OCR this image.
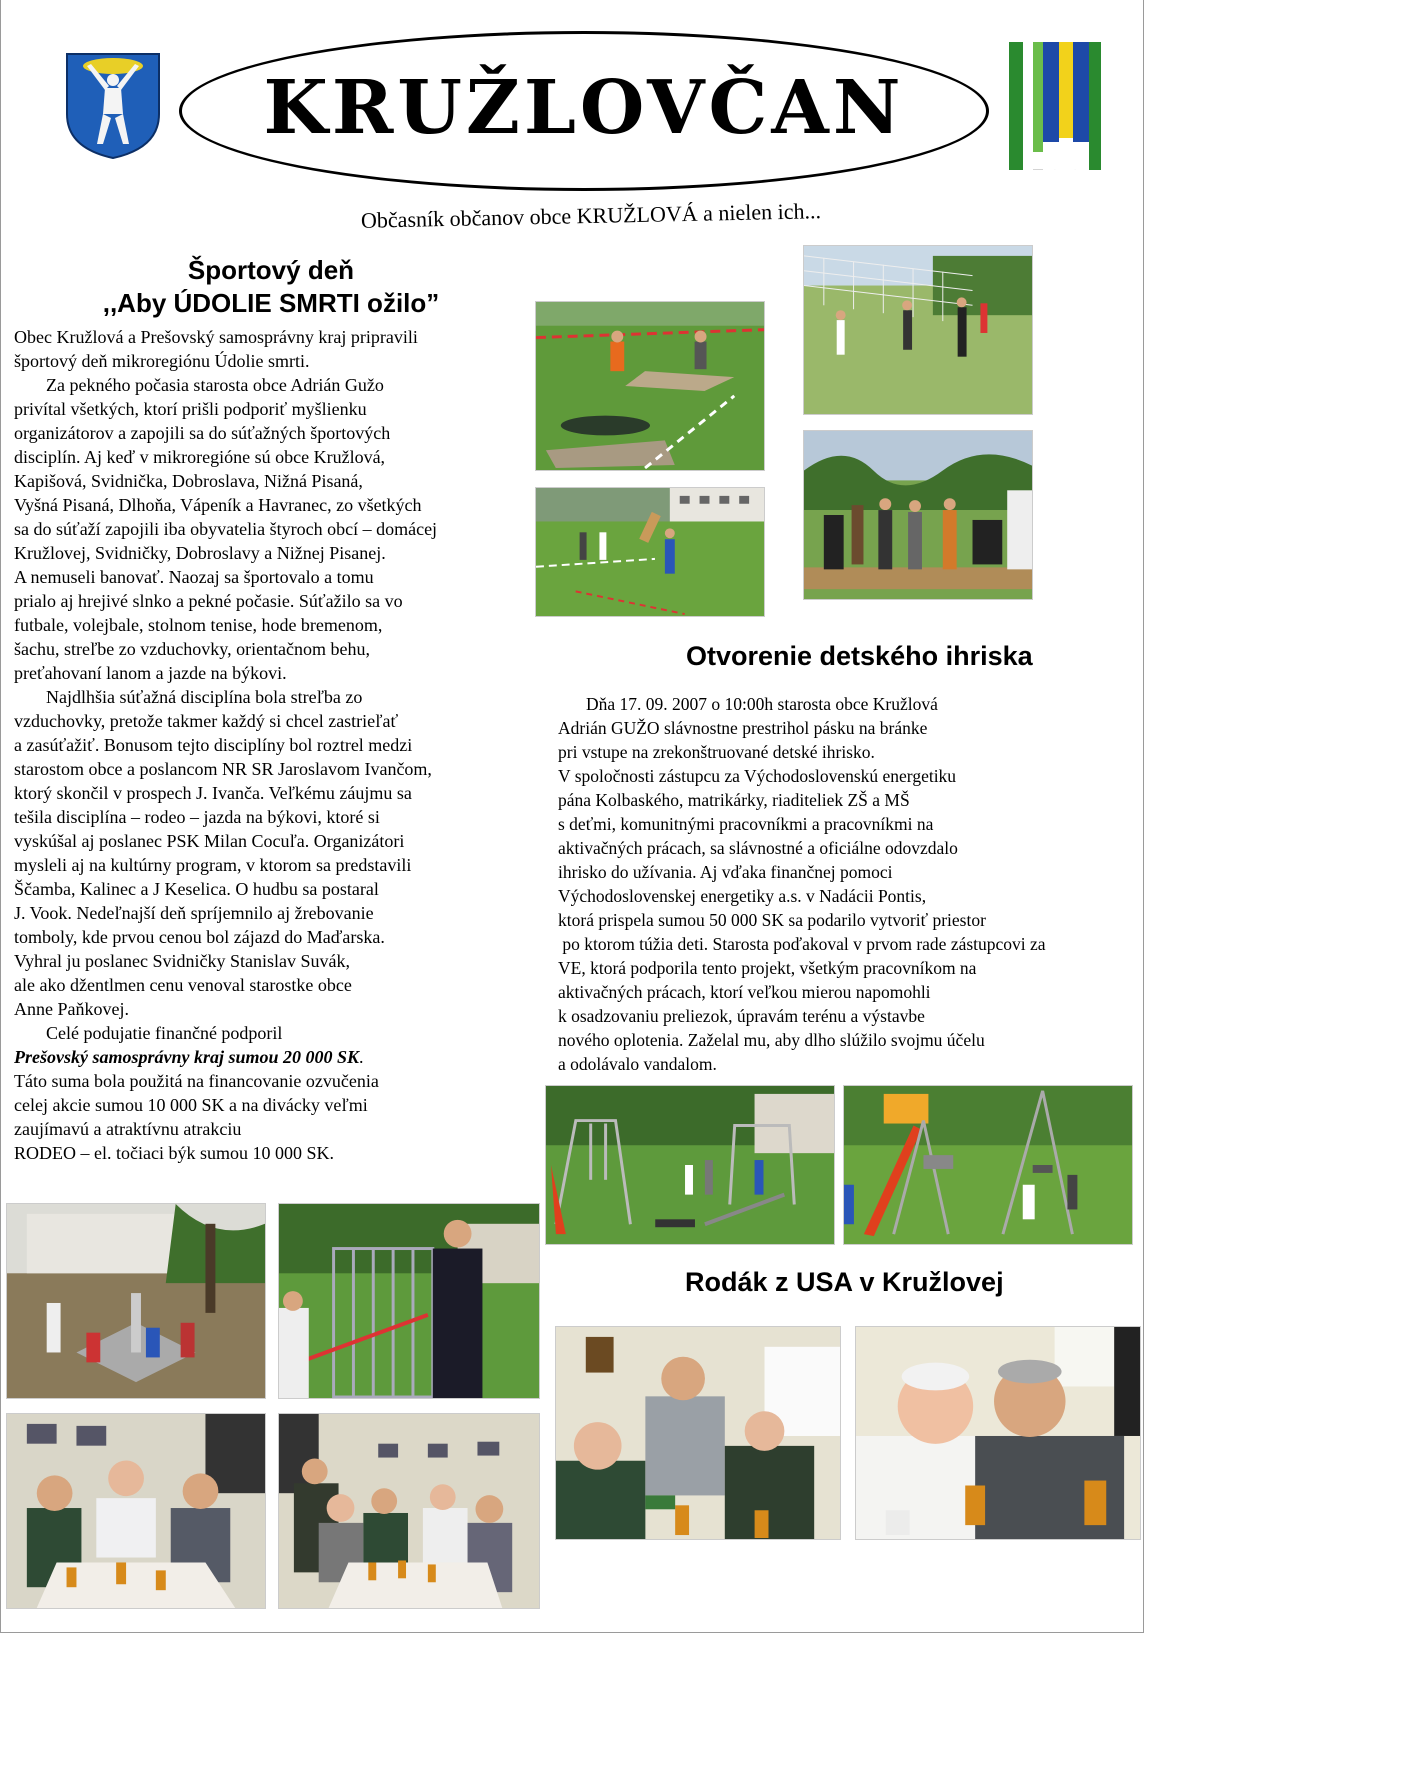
KRUŽLOVČAN
Občasník občanov obce KRUŽLOVÁ a nielen ich...
Športový deň
,,Aby ÚDOLIE SMRTI ožilo”

Obec Kružlová a Prešovský samosprávny kraj pripravili

športový deň mikroregiónu Údolie smrti.

Za pekného počasia starosta obce Adrián Gužo

privítal všetkých, ktorí prišli podporiť myšlienku

organizátorov a zapojili sa do súťažných športových

disciplín. Aj keď v mikroregióne sú obce Kružlová,

Kapišová, Svidnička, Dobroslava, Nižná Pisaná,

Vyšná Pisaná, Dlhoňa, Vápeník a Havranec, zo všetkých

sa do súťaží zapojili iba obyvatelia štyroch obcí – domácej

Kružlovej, Svidničky, Dobroslavy a Nižnej Pisanej.

A nemuseli banovať. Naozaj sa športovalo a tomu

prialo aj hrejivé slnko a pekné počasie. Súťažilo sa vo

futbale, volejbale, stolnom tenise, hode bremenom,

šachu, streľbe zo vzduchovky, orientačnom behu,

preťahovaní lanom a jazde na býkovi.

Najdlhšia súťažná disciplína bola streľba zo

vzduchovky, pretože takmer každý si chcel zastrieľať

a zasúťažiť. Bonusom tejto disciplíny bol roztrel medzi

starostom obce a poslancom NR SR Jaroslavom Ivančom,

ktorý skončil v prospech J. Ivanča. Veľkému záujmu sa

tešila disciplína – rodeo – jazda na býkovi, ktoré si

vyskúšal aj poslanec PSK Milan Cocuľa. Organizátori

mysleli aj na kultúrny program, v ktorom sa predstavili

Ščamba, Kalinec a J Keselica. O hudbu sa postaral

J. Vook. Nedeľnajší deň spríjemnilo aj žrebovanie

tomboly, kde prvou cenou bol zájazd do Maďarska.

Vyhral ju poslanec Svidničky Stanislav Suvák,

ale ako džentlmen cenu venoval starostke obce

Anne Paňkovej.

Celé podujatie finančné podporil

Prešovský samosprávny kraj sumou 20 000 SK.

Táto suma bola použitá na financovanie ozvučenia

celej akcie sumou 10 000 SK a na divácky veľmi

zaujímavú a atraktívnu atrakciu

RODEO – el. točiaci býk sumou 10 000 SK.

Otvorenie detského ihriska

Dňa 17. 09. 2007 o 10:00h starosta obce Kružlová

Adrián GUŽO slávnostne prestrihol pásku na bránke

pri vstupe na zrekonštruované detské ihrisko.

V spoločnosti zástupcu za Východoslovenskú energetiku

pána Kolbaského, matrikárky, riaditeliek ZŠ a MŠ

s deťmi, komunitnými pracovníkmi a pracovníkmi na

aktivačných prácach, sa slávnostné a oficiálne odovzdalo

ihrisko do užívania. Aj vďaka finančnej pomoci

Východoslovenskej energetiky a.s. v Nadácii Pontis,

ktorá prispela sumou 50 000 SK sa podarilo vytvoriť priestor

po ktorom túžia deti. Starosta poďakoval v prvom rade zástupcovi za

VE, ktorá podporila tento projekt, všetkým pracovníkom na

aktivačných prácach, ktorí veľkou mierou napomohli

k osadzovaniu preliezok, úpravám terénu a výstavbe

nového oplotenia. Zaželal mu, aby dlho slúžilo svojmu účelu

a odolávalo vandalom.

Rodák z USA v Kružlovej
